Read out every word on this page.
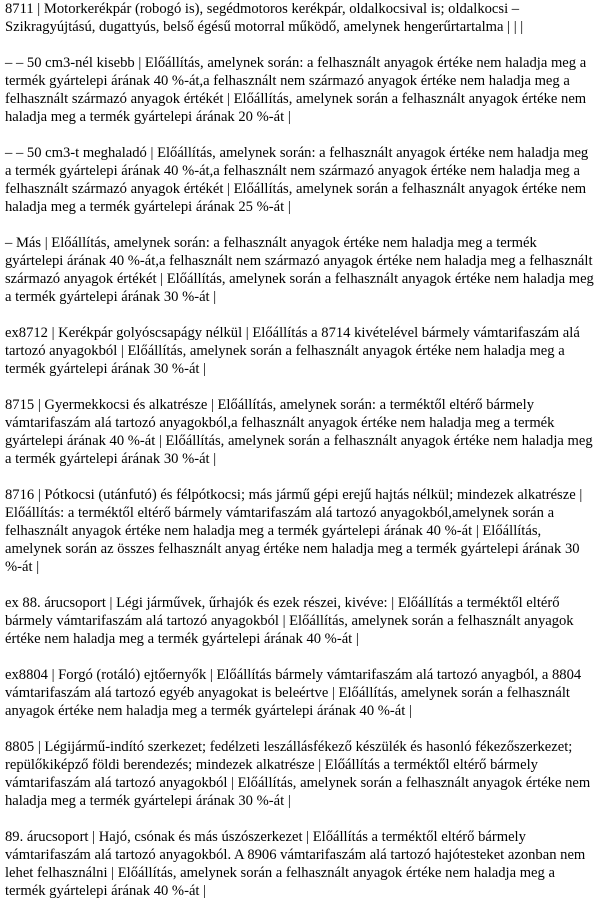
8711 | Motorkerékpár (robogó is), segédmotoros kerékpár, oldalkocsival is; oldalkocsi – Szikragyújtású, dugattyús, belső égésű motorral működő, amelynek hengerűrtartalma | | |

– – 50 cm3-nél kisebb | Előállítás, amelynek során: a felhasznált anyagok értéke nem haladja meg a termék gyártelepi árának 40 %-át,a felhasznált nem származó anyagok értéke nem haladja meg a felhasznált származó anyagok értékét | Előállítás, amelynek során a felhasznált anyagok értéke nem haladja meg a termék gyártelepi árának 20 %-át |

– – 50 cm3-t meghaladó | Előállítás, amelynek során: a felhasznált anyagok értéke nem haladja meg a termék gyártelepi árának 40 %-át,a felhasznált nem származó anyagok értéke nem haladja meg a felhasznált származó anyagok értékét | Előállítás, amelynek során a felhasznált anyagok értéke nem haladja meg a termék gyártelepi árának 25 %-át |

– Más | Előállítás, amelynek során: a felhasznált anyagok értéke nem haladja meg a termék gyártelepi árának 40 %-át,a felhasznált nem származó anyagok értéke nem haladja meg a felhasznált származó anyagok értékét | Előállítás, amelynek során a felhasznált anyagok értéke nem haladja meg a termék gyártelepi árának 30 %-át |

ex8712 | Kerékpár golyóscsapágy nélkül | Előállítás a 8714 kivételével bármely vámtarifaszám alá tartozó anyagokból | Előállítás, amelynek során a felhasznált anyagok értéke nem haladja meg a termék gyártelepi árának 30 %-át |

8715 | Gyermekkocsi és alkatrésze | Előállítás, amelynek során: a terméktől eltérő bármely vámtarifaszám alá tartozó anyagokból,a felhasznált anyagok értéke nem haladja meg a termék gyártelepi árának 40 %-át | Előállítás, amelynek során a felhasznált anyagok értéke nem haladja meg a termék gyártelepi árának 30 %-át |

8716 | Pótkocsi (utánfutó) és félpótkocsi; más jármű gépi erejű hajtás nélkül; mindezek alkatrésze | Előállítás: a terméktől eltérő bármely vámtarifaszám alá tartozó anyagokból,amelynek során a felhasznált anyagok értéke nem haladja meg a termék gyártelepi árának 40 %-át | Előállítás, amelynek során az összes felhasznált anyag értéke nem haladja meg a termék gyártelepi árának 30 %-át |

ex 88. árucsoport | Légi járművek, űrhajók és ezek részei, kivéve: | Előállítás a terméktől eltérő bármely vámtarifaszám alá tartozó anyagokból | Előállítás, amelynek során a felhasznált anyagok értéke nem haladja meg a termék gyártelepi árának 40 %-át |

ex8804 | Forgó (rotáló) ejtőernyők | Előállítás bármely vámtarifaszám alá tartozó anyagból, a 8804 vámtarifaszám alá tartozó egyéb anyagokat is beleértve | Előállítás, amelynek során a felhasznált anyagok értéke nem haladja meg a termék gyártelepi árának 40 %-át |

8805 | Légijármű-indító szerkezet; fedélzeti leszállásfékező készülék és hasonló fékezőszerkezet; repülőkiképző földi berendezés; mindezek alkatrésze | Előállítás a terméktől eltérő bármely vámtarifaszám alá tartozó anyagokból | Előállítás, amelynek során a felhasznált anyagok értéke nem haladja meg a termék gyártelepi árának 30 %-át |

89. árucsoport | Hajó, csónak és más úszószerkezet | Előállítás a terméktől eltérő bármely vámtarifaszám alá tartozó anyagokból. A 8906 vámtarifaszám alá tartozó hajótesteket azonban nem lehet felhasználni | Előállítás, amelynek során a felhasznált anyagok értéke nem haladja meg a termék gyártelepi árának 40 %-át |
